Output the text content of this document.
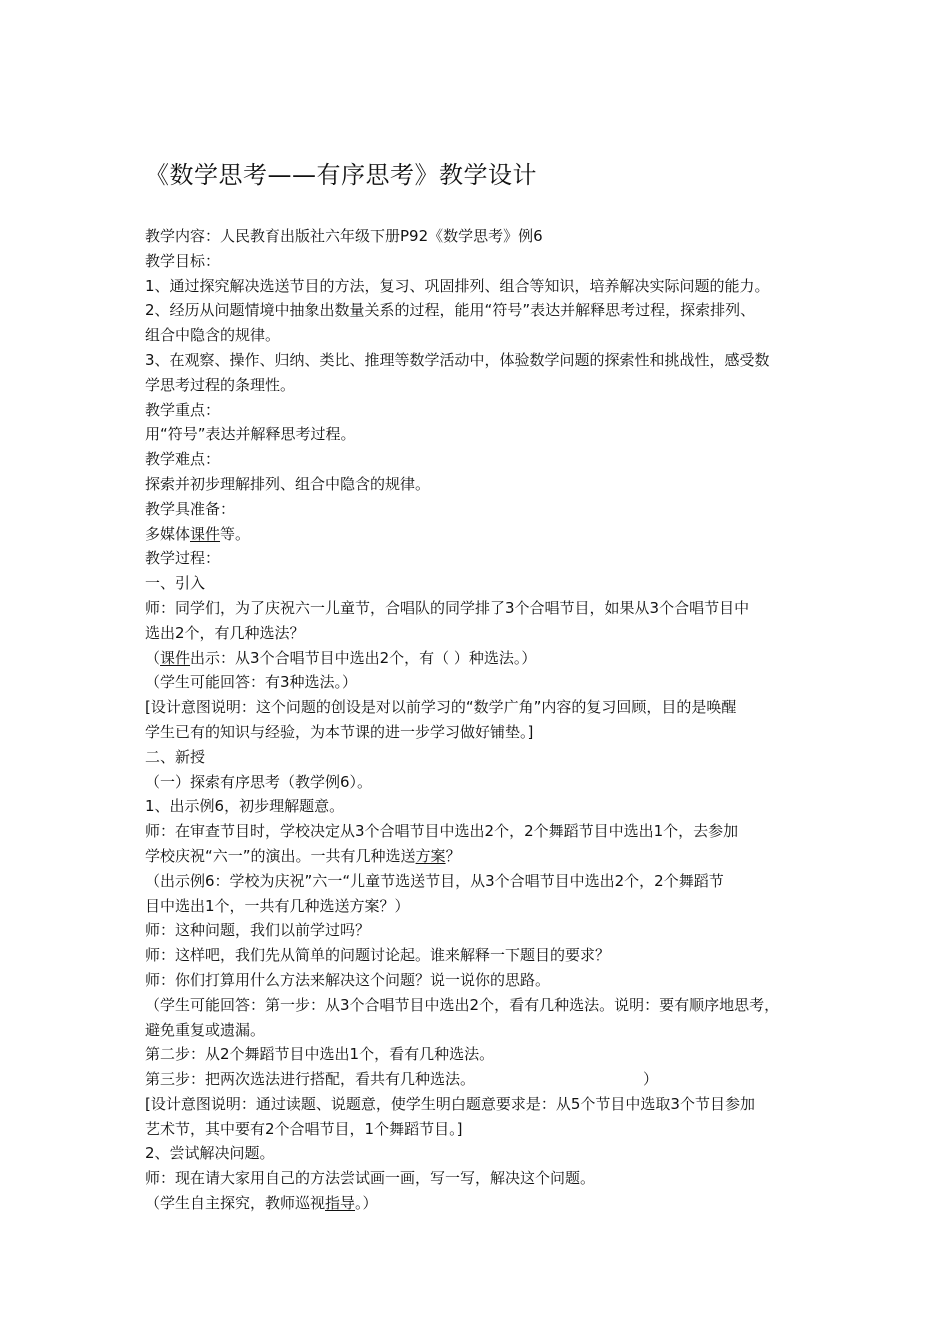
《数学思考——有序思考》教学设计
教学内容：人民教育出版社六年级下册P92《数学思考》例6
教学目标：
1、通过探究解决选送节目的方法，复习、巩固排列、组合等知识，培养解决实际问题的能力。
2、经历从问题情境中抽象出数量关系的过程，能用“符号”表达并解释思考过程，探索排列、
组合中隐含的规律。
3、在观察、操作、归纳、类比、推理等数学活动中，体验数学问题的探索性和挑战性，感受数
学思考过程的条理性。
教学重点：
用“符号”表达并解释思考过程。
教学难点：
探索并初步理解排列、组合中隐含的规律。
教学具准备：
多媒体课件等。
教学过程：
一、引入
师：同学们，为了庆祝六一儿童节，合唱队的同学排了3个合唱节目，如果从3个合唱节目中
选出2个，有几种选法？
（课件出示：从3个合唱节目中选出2个，有（ ）种选法。）
（学生可能回答：有3种选法。）
[设计意图说明：这个问题的创设是对以前学习的“数学广角”内容的复习回顾，目的是唤醒
学生已有的知识与经验，为本节课的进一步学习做好铺垫。]
二、新授
（一）探索有序思考（教学例6）。
1、出示例6，初步理解题意。
师：在审查节目时，学校决定从3个合唱节目中选出2个，2个舞蹈节目中选出1个，去参加
学校庆祝“六一”的演出。一共有几种选送方案？
（出示例6：学校为庆祝”六一“儿童节选送节目，从3个合唱节目中选出2个，2个舞蹈节
目中选出1个，一共有几种选送方案？）
师：这种问题，我们以前学过吗？
师：这样吧，我们先从简单的问题讨论起。谁来解释一下题目的要求？
师：你们打算用什么方法来解决这个问题？说一说你的思路。
（学生可能回答：第一步：从3个合唱节目中选出2个，看有几种选法。说明：要有顺序地思考，
避免重复或遗漏。
第二步：从2个舞蹈节目中选出1个，看有几种选法。
第三步：把两次选法进行搭配，看共有几种选法。	）
[设计意图说明：通过读题、说题意，使学生明白题意要求是：从5个节目中选取3个节目参加
艺术节，其中要有2个合唱节目，1个舞蹈节目。]
2、尝试解决问题。
师：现在请大家用自己的方法尝试画一画，写一写，解决这个问题。
（学生自主探究，教师巡视指导。）
